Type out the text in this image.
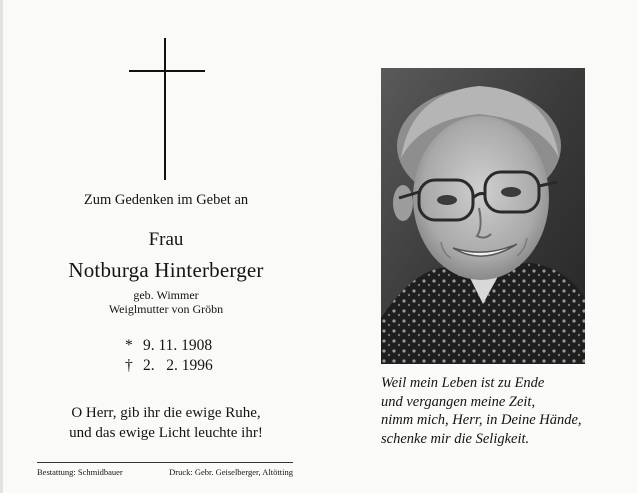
Zum Gedenken im Gebet an
Frau
Notburga Hinterberger
geb. Wimmer
Weiglmutter von Gröbn
* 9. 11. 1908
† 2.   2. 1996
O Herr, gib ihr die ewige Ruhe,
und das ewige Licht leuchte ihr!
Bestattung: Schmidbauer	Druck: Gebr. Geiselberger, Altötting
Weil mein Leben ist zu Ende
und vergangen meine Zeit,
nimm mich, Herr, in Deine Hände,
schenke mir die Seligkeit.
